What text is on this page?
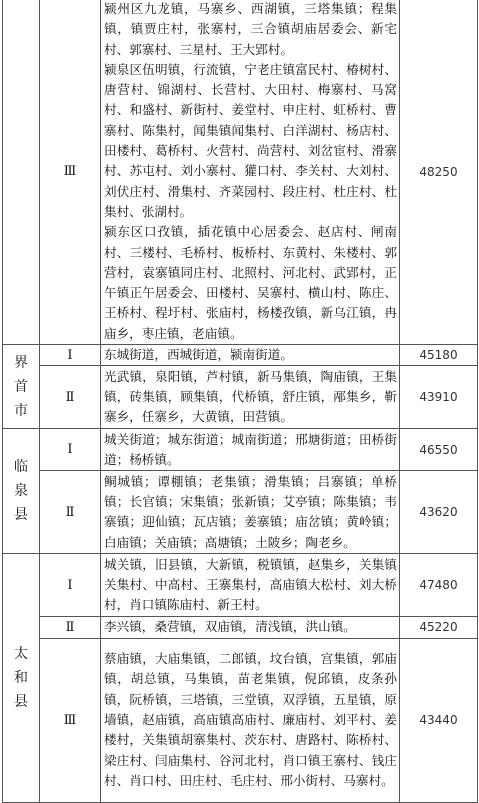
	Ⅲ	颍州区九龙镇，马寨乡、西湖镇，三塔集镇；程集镇，镇贾庄村，张寨村，三合镇胡庙居委会、新宅村、郭寨村、三星村、王大郢村。

颍泉区伍明镇，行流镇，宁老庄镇富民村、椿树村、唐营村、锦湖村、长营村、大田村、梅寨村、马窝村、和盛村、新街村、姜堂村、申庄村、虹桥村、曹寨村、陈集村，闻集镇闻集村、白洋湖村、杨店村、田楼村、葛桥村、火营村、尚营村、刘岔宦村、滑寨村、苏屯村、刘小寨村、獾口村、李关村、大刘村、刘伏庄村、滑集村、齐菜园村、段庄村、杜庄村、杜集村、张湖村。

颍东区口孜镇，插花镇中心居委会、赵店村、闸南村、三楼村、毛桥村、板桥村、东黄村、朱楼村、郭营村，袁寨镇同庄村、北照村、河北村、武郢村，正午镇正午居委会、田楼村、吴寨村、横山村、陈庄、王桥村、程圩村、张庙村，杨楼孜镇，新乌江镇，冉庙乡，枣庄镇，老庙镇。	48250

界首市	Ⅰ	东城街道，西城街道，颍南街道。	45180
	Ⅱ	光武镇，泉阳镇，芦村镇，新马集镇，陶庙镇，王集镇，砖集镇，顾集镇，代桥镇，舒庄镇，邴集乡，靳寨乡，任寨乡，大黄镇，田营镇。	43910

临泉县	Ⅰ	城关街道；城东街道；城南街道；邢塘街道；田桥街道；杨桥镇。	46550
	Ⅱ	鲖城镇；谭棚镇；老集镇；滑集镇；吕寨镇；单桥镇；长官镇；宋集镇；张新镇；艾亭镇；陈集镇；韦寨镇；迎仙镇；瓦店镇；姜寨镇；庙岔镇；黄岭镇；白庙镇；关庙镇；高塘镇；土陂乡；陶老乡。	43620

太和县	Ⅰ	城关镇，旧县镇，大新镇，税镇镇，赵集乡，关集镇关集村、中高村、王寨集村，高庙镇大松村、刘大桥村，肖口镇陈庙村、新王村。	47480
	Ⅱ	李兴镇，桑营镇，双庙镇，清浅镇，洪山镇。	45220
	Ⅲ	蔡庙镇，大庙集镇，二郎镇，坟台镇，宫集镇，郭庙镇，胡总镇，马集镇，苗老集镇，倪邱镇，皮条孙镇，阮桥镇，三塔镇，三堂镇，双浮镇，五星镇，原墙镇，赵庙镇，高庙镇高庙村、廉庙村、刘平村、姜楼村，关集镇胡寨集村、茨东村、唐路村、陈桥村、梁庄村、闫庙集村、谷河北村，肖口镇王寨村、钱庄村、肖口村、田庄村、毛庄村、邢小街村、马寨村。	43440
